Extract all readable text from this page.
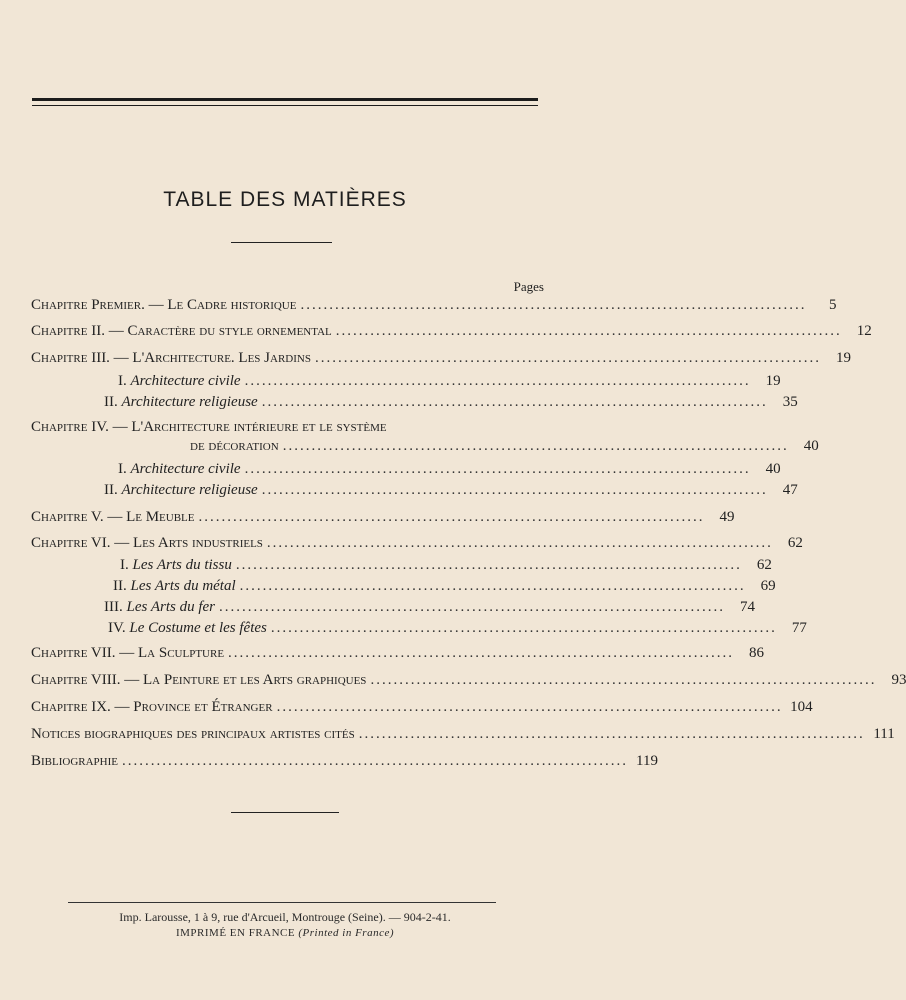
TABLE DES MATIÈRES
Pages
Chapitre Premier. — Le Cadre historique ........................................................................................	5
Chapitre II. — Caractère du style ornemental ........................................................................................	12
Chapitre III. — L'Architecture. Les Jardins ........................................................................................	19
I. Architecture civile ........................................................................................	19
II. Architecture religieuse ........................................................................................	35
Chapitre IV. — L'Architecture intérieure et le système
de décoration ........................................................................................	40
I. Architecture civile ........................................................................................	40
II. Architecture religieuse ........................................................................................	47
Chapitre V. — Le Meuble ........................................................................................	49
Chapitre VI. — Les Arts industriels ........................................................................................	62
I. Les Arts du tissu ........................................................................................	62
II. Les Arts du métal ........................................................................................	69
III. Les Arts du fer ........................................................................................	74
IV. Le Costume et les fêtes ........................................................................................	77
Chapitre VII. — La Sculpture ........................................................................................	86
Chapitre VIII. — La Peinture et les Arts graphiques ........................................................................................	93
Chapitre IX. — Province et Étranger ........................................................................................ 104
Notices biographiques des principaux artistes cités ........................................................................................ 111
Bibliographie ........................................................................................ 119
Imp. Larousse, 1 à 9, rue d'Arcueil, Montrouge (Seine). — 904-2-41.
IMPRIMÉ EN FRANCE (Printed in France)
